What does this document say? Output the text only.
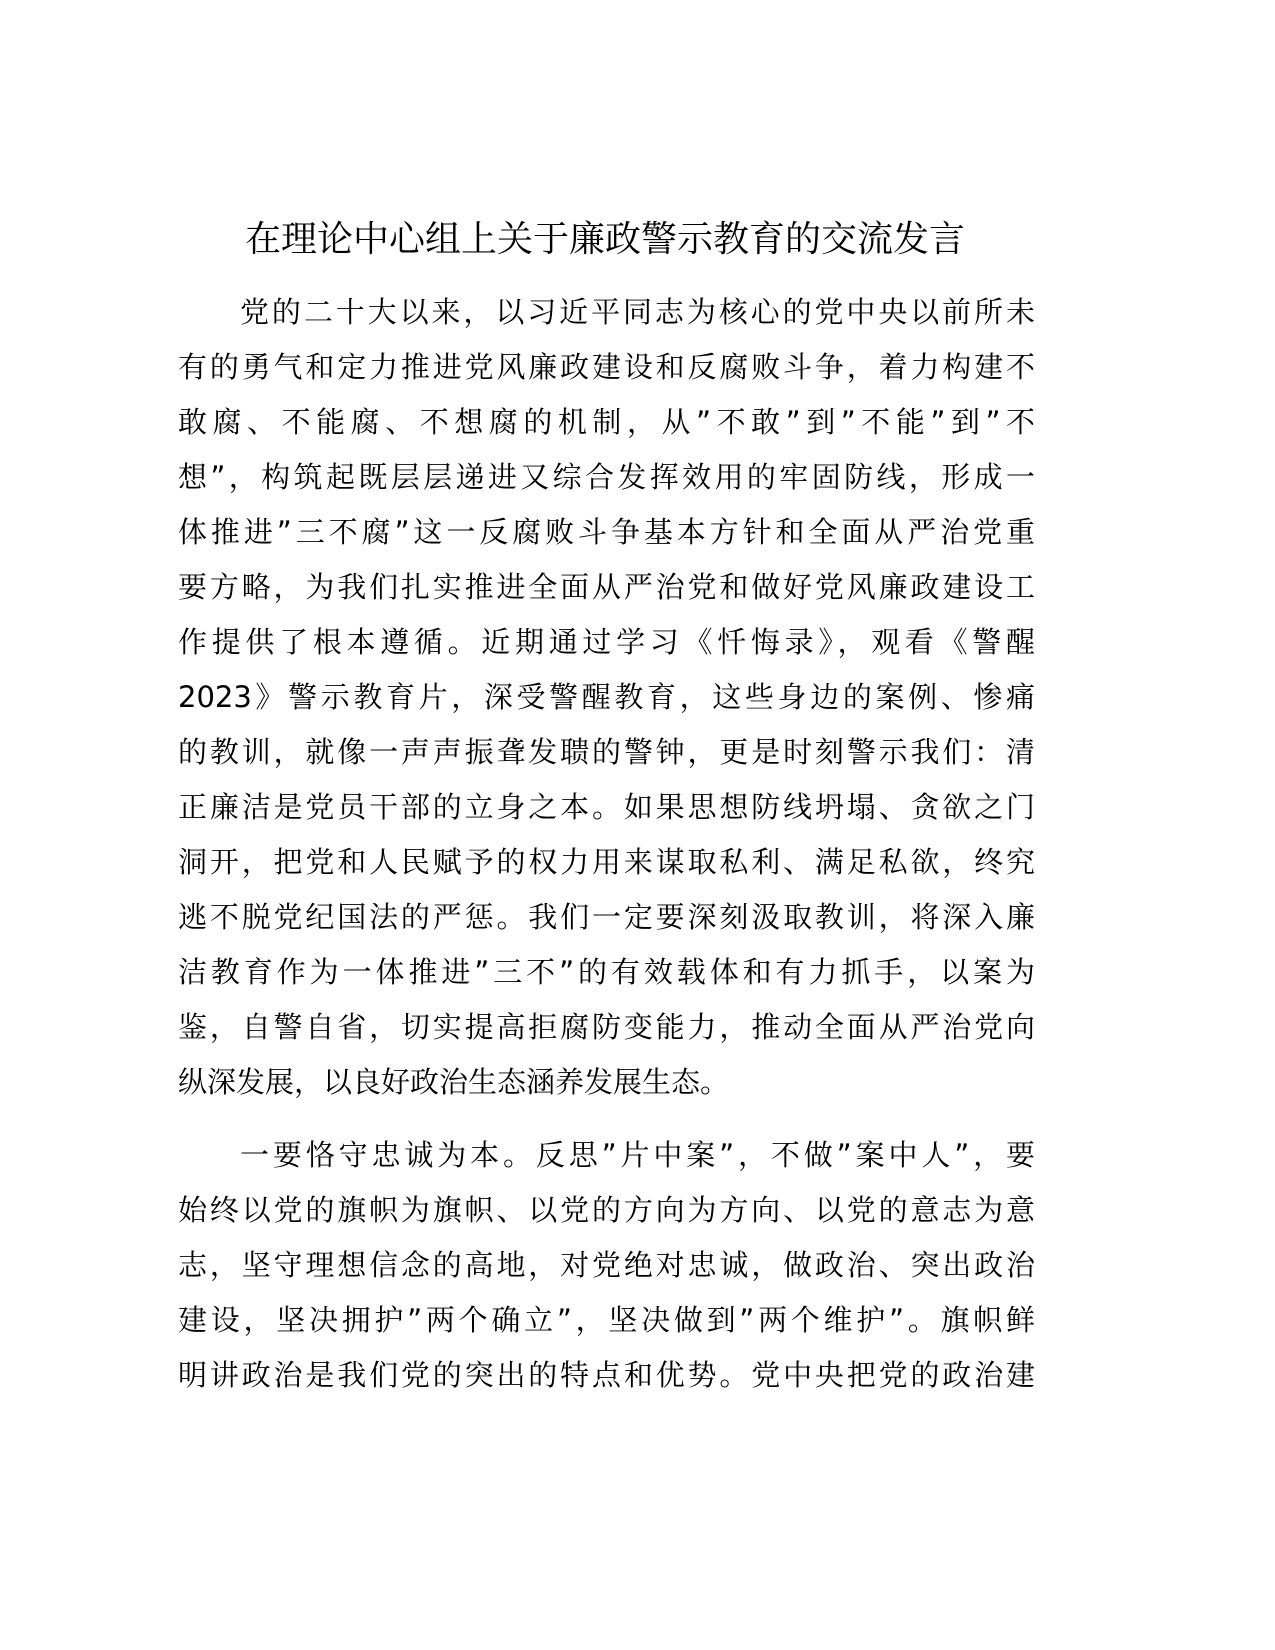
在理论中心组上关于廉政警示教育的交流发言
党的二十大以来，以习近平同志为核心的党中央以前所未
有的勇气和定力推进党风廉政建设和反腐败斗争，着力构建不
敢腐、不能腐、不想腐的机制，从”不敢”到”不能”到”不
想”，构筑起既层层递进又综合发挥效用的牢固防线，形成一
体推进”三不腐”这一反腐败斗争基本方针和全面从严治党重
要方略，为我们扎实推进全面从严治党和做好党风廉政建设工
作提供了根本遵循。近期通过学习《忏悔录》，观看《警醒
2023》警示教育片，深受警醒教育，这些身边的案例、惨痛
的教训，就像一声声振聋发聩的警钟，更是时刻警示我们：清
正廉洁是党员干部的立身之本。如果思想防线坍塌、贪欲之门
洞开，把党和人民赋予的权力用来谋取私利、满足私欲，终究
逃不脱党纪国法的严惩。我们一定要深刻汲取教训，将深入廉
洁教育作为一体推进”三不”的有效载体和有力抓手，以案为
鉴，自警自省，切实提高拒腐防变能力，推动全面从严治党向
纵深发展，以良好政治生态涵养发展生态。
一要恪守忠诚为本。反思”片中案”，不做”案中人”，要
始终以党的旗帜为旗帜、以党的方向为方向、以党的意志为意
志，坚守理想信念的高地，对党绝对忠诚，做政治、突出政治
建设，坚决拥护”两个确立”，坚决做到”两个维护”。旗帜鲜
明讲政治是我们党的突出的特点和优势。党中央把党的政治建
